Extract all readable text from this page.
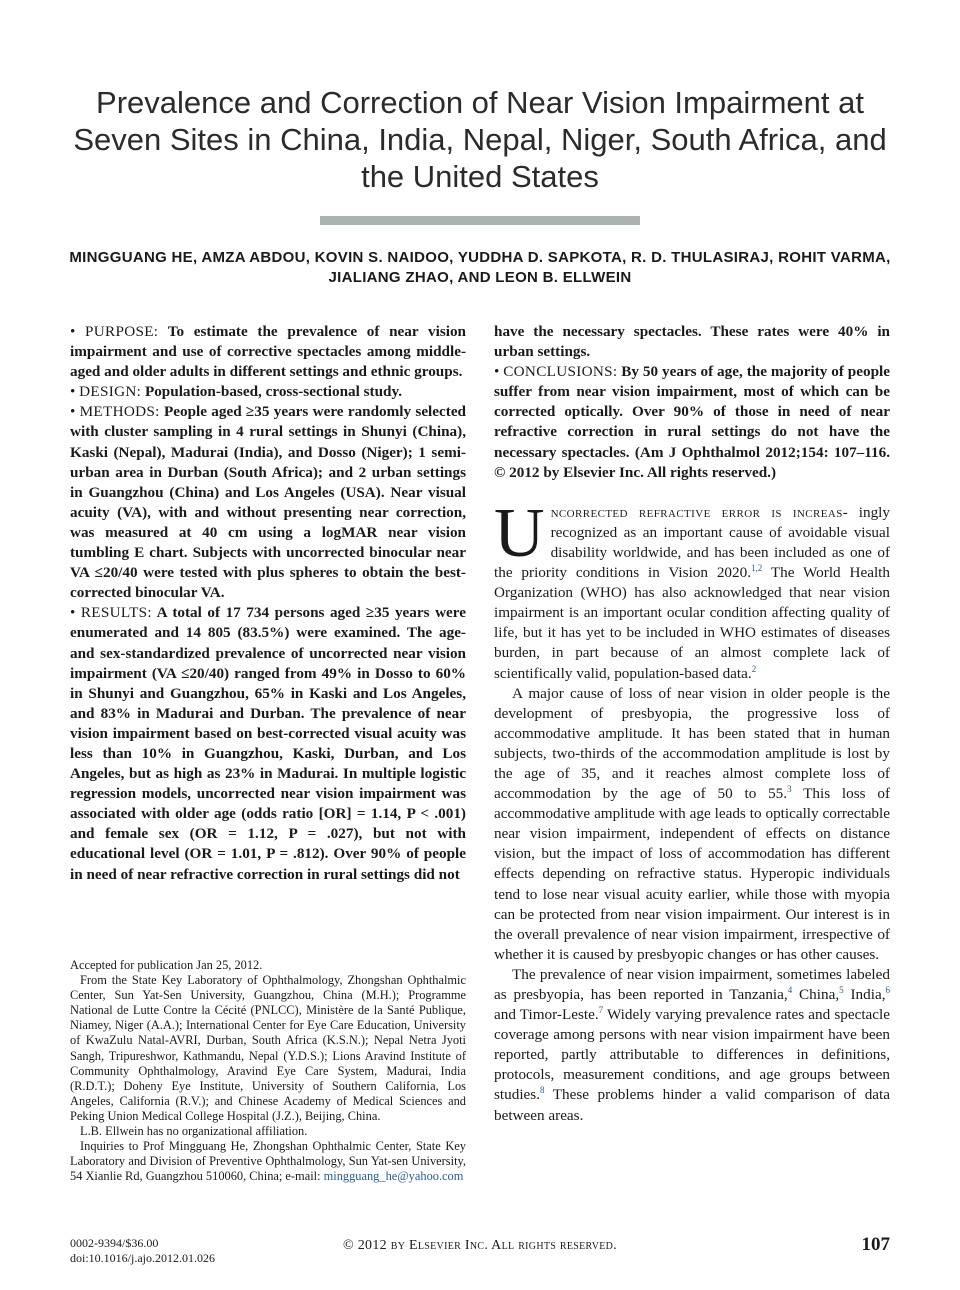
Prevalence and Correction of Near Vision Impairment at Seven Sites in China, India, Nepal, Niger, South Africa, and the United States

MINGGUANG HE, AMZA ABDOU, KOVIN S. NAIDOO, YUDDHA D. SAPKOTA, R. D. THULASIRAJ, ROHIT VARMA, JIALIANG ZHAO, AND LEON B. ELLWEIN

• PURPOSE: To estimate the prevalence of near vision impairment and use of corrective spectacles among middle-aged and older adults in different settings and ethnic groups.

• DESIGN: Population-based, cross-sectional study.

• METHODS: People aged ≥35 years were randomly selected with cluster sampling in 4 rural settings in Shunyi (China), Kaski (Nepal), Madurai (India), and Dosso (Niger); 1 semi-urban area in Durban (South Africa); and 2 urban settings in Guangzhou (China) and Los Angeles (USA). Near visual acuity (VA), with and without presenting near correction, was measured at 40 cm using a logMAR near vision tumbling E chart. Subjects with uncorrected binocular near VA ≤20/40 were tested with plus spheres to obtain the best-corrected binocular VA.

• RESULTS: A total of 17 734 persons aged ≥35 years were enumerated and 14 805 (83.5%) were examined. The age- and sex-standardized prevalence of uncorrected near vision impairment (VA ≤20/40) ranged from 49% in Dosso to 60% in Shunyi and Guangzhou, 65% in Kaski and Los Angeles, and 83% in Madurai and Durban. The prevalence of near vision impairment based on best-corrected visual acuity was less than 10% in Guangzhou, Kaski, Durban, and Los Angeles, but as high as 23% in Madurai. In multiple logistic regression models, uncorrected near vision impairment was associated with older age (odds ratio [OR] = 1.14, P < .001) and female sex (OR = 1.12, P = .027), but not with educational level (OR = 1.01, P = .812). Over 90% of people in need of near refractive correction in rural settings did not

Accepted for publication Jan 25, 2012.

From the State Key Laboratory of Ophthalmology, Zhongshan Ophthalmic Center, Sun Yat-Sen University, Guangzhou, China (M.H.); Programme National de Lutte Contre la Cécité (PNLCC), Ministère de la Santé Publique, Niamey, Niger (A.A.); International Center for Eye Care Education, University of KwaZulu Natal-AVRI, Durban, South Africa (K.S.N.); Nepal Netra Jyoti Sangh, Tripureshwor, Kathmandu, Nepal (Y.D.S.); Lions Aravind Institute of Community Ophthalmology, Aravind Eye Care System, Madurai, India (R.D.T.); Doheny Eye Institute, University of Southern California, Los Angeles, California (R.V.); and Chinese Academy of Medical Sciences and Peking Union Medical College Hospital (J.Z.), Beijing, China.

L.B. Ellwein has no organizational affiliation.

Inquiries to Prof Mingguang He, Zhongshan Ophthalmic Center, State Key Laboratory and Division of Preventive Ophthalmology, Sun Yat-sen University, 54 Xianlie Rd, Guangzhou 510060, China; e-mail: mingguang_he@yahoo.com

have the necessary spectacles. These rates were 40% in urban settings.

• CONCLUSIONS: By 50 years of age, the majority of people suffer from near vision impairment, most of which can be corrected optically. Over 90% of those in need of near refractive correction in rural settings do not have the necessary spectacles. (Am J Ophthalmol 2012;154: 107–116. © 2012 by Elsevier Inc. All rights reserved.)

Uncorrected refractive error is increas- ingly recognized as an important cause of avoidable visual disability worldwide, and has been included as one of the priority conditions in Vision 2020.$^{1,2}$ The World Health Organization (WHO) has also acknowledged that near vision impairment is an important ocular condition affecting quality of life, but it has yet to be included in WHO estimates of diseases burden, in part because of an almost complete lack of scientifically valid, population-based data.$^2$

A major cause of loss of near vision in older people is the development of presbyopia, the progressive loss of accommodative amplitude. It has been stated that in human subjects, two-thirds of the accommodation amplitude is lost by the age of 35, and it reaches almost complete loss of accommodation by the age of 50 to 55.$^3$ This loss of accommodative amplitude with age leads to optically correctable near vision impairment, independent of effects on distance vision, but the impact of loss of accommodation has different effects depending on refractive status. Hyperopic individuals tend to lose near visual acuity earlier, while those with myopia can be protected from near vision impairment. Our interest is in the overall prevalence of near vision impairment, irrespective of whether it is caused by presbyopic changes or has other causes.

The prevalence of near vision impairment, sometimes labeled as presbyopia, has been reported in Tanzania,$^4$ China,$^5$ India,$^6$ and Timor-Leste.$^7$ Widely varying prevalence rates and spectacle coverage among persons with near vision impairment have been reported, partly attributable to differences in definitions, protocols, measurement conditions, and age groups between studies.$^8$ These problems hinder a valid comparison of data between areas.

0002-9394/$36.00
doi:10.1016/j.ajo.2012.01.026
© 2012 by Elsevier Inc. All rights reserved.	107
